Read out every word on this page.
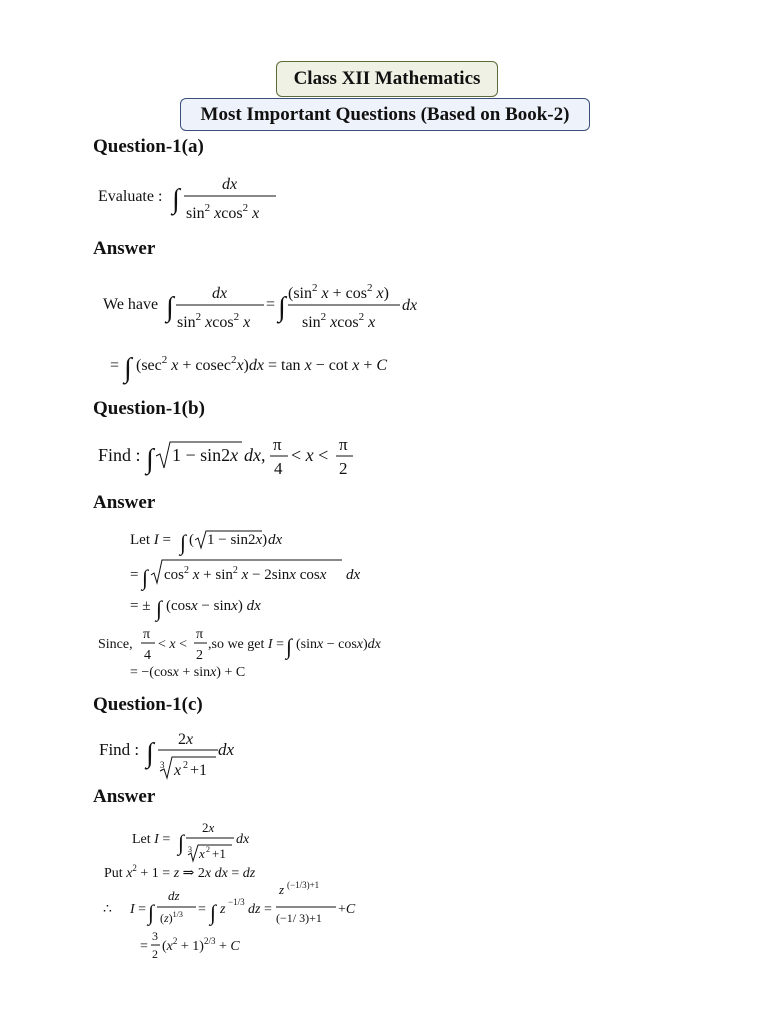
Class XII Mathematics
Most Important Questions (Based on Book-2)
Question-1(a)
Answer
Question-1(b)
Answer
Question-1(c)
Answer
Evaluate : ∫	dx
$\sin^2 xcos^2$ x
We have ∫ dx
$\sin^2 xcos^2$ x
= ∫ ($\sin^2$ $x + \cos^2 x$)
$\sin^2 xcos^2$ x
dx
= ∫ ($\sec^2$ x + cosec$^2$x)dx = tan x − cot x + C
Find : ∫ 1 − sin2x dx,
π
4
< x <
π
2
Let I = ∫ ( 1 − sin2x) dx
= ∫ $\cos^2 x + \sin^2 x - 2\sin x$ cosx dx
= ± ∫ (cosx − sinx) dx
Since,
π
4
< x <
π
2
,so we get I = ∫ (sinx − cosx)dx
= −(cosx + sinx) + C
Find : ∫ 2x
3 x 2 +1
dx
Let I = ∫
2x
3 x 2 +1
dx
Put $x^2 + 1 = z$ ⇒ 2x dx = dz
∴ I = ∫
dz
$(z)^{1/3}$ = ∫ z −1/3 dz =
z (−1/3)+1
(−1/ 3)+1
+C
=
3
2 $(x^2 + 1)^{2/3} + C$
